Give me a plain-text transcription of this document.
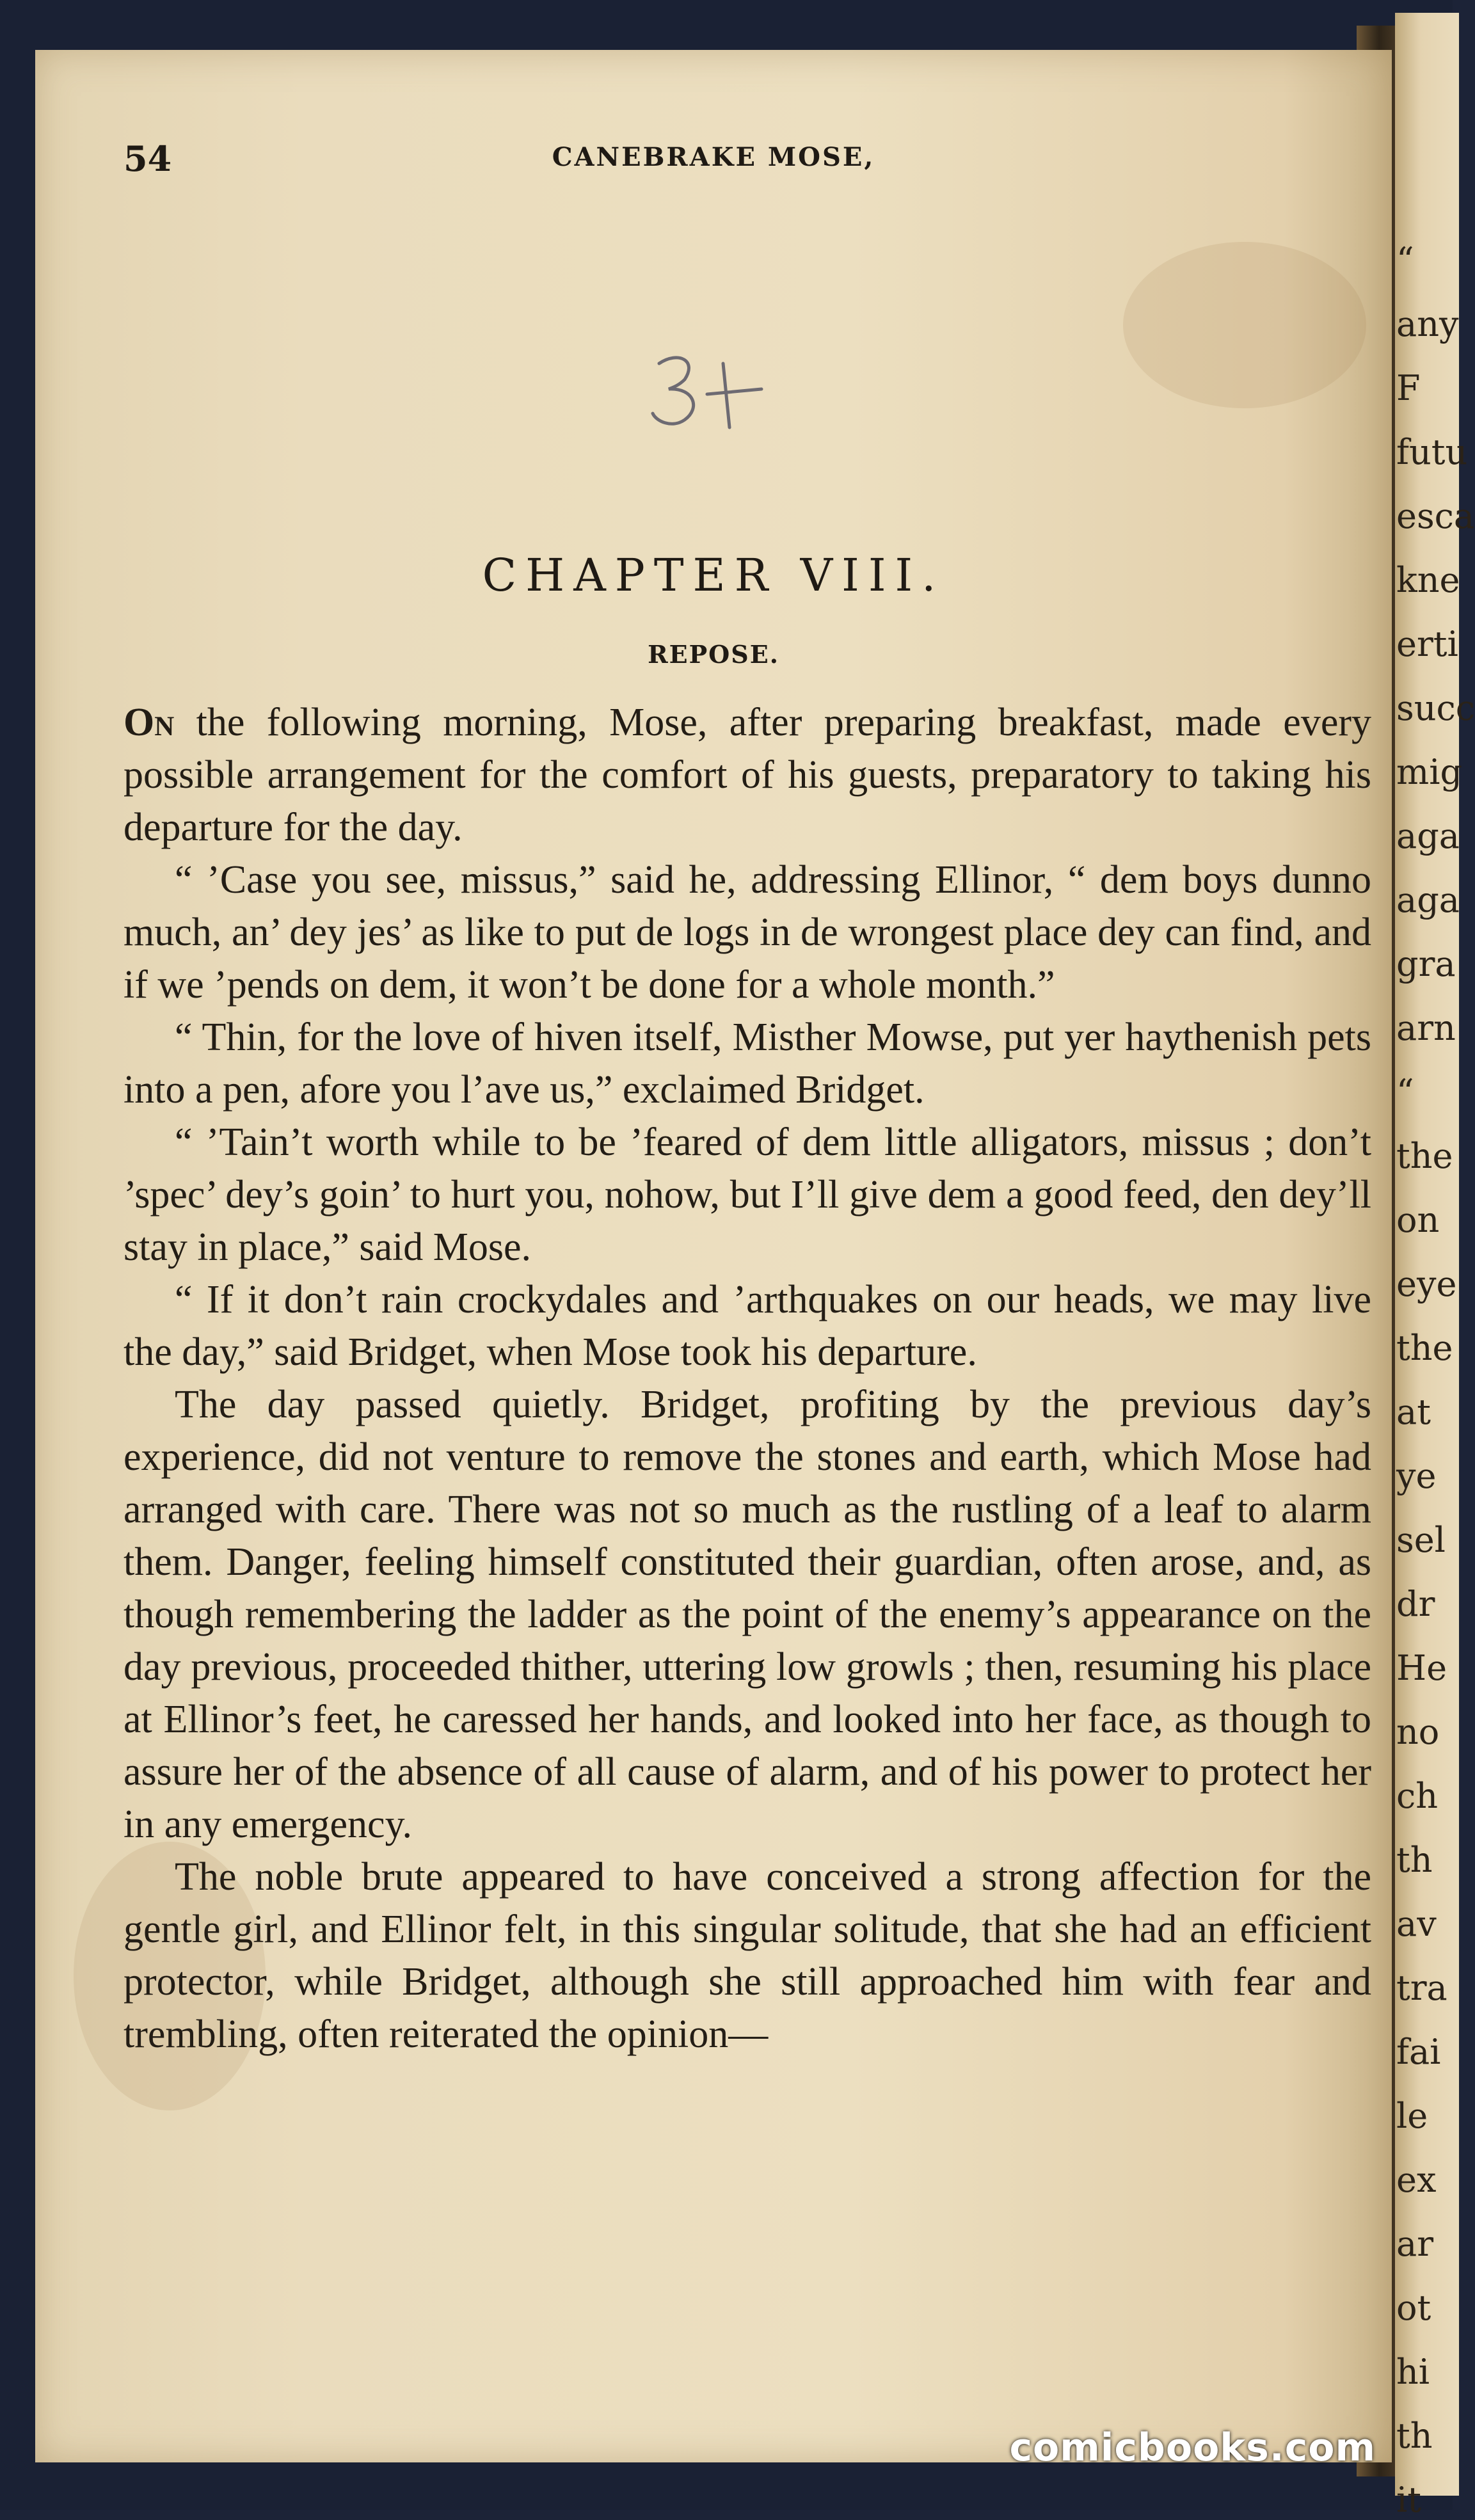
“
any
F
futu
esca
kne
erti
succ
mig
aga
aga
gra
arn
“
the
on
eye
the
at
ye
sel
dr
He
no
ch
th
av
tra
fai
le
ex
ar
ot
hi
th
it
54	CANEBRAKE MOSE,
CHAPTER VIII.
REPOSE.

On the following morning, Mose, after preparing breakfast, made every possible arrangement for the comfort of his guests, preparatory to taking his departure for the day.

“ ’Case you see, missus,” said he, addressing Ellinor, “ dem boys dunno much, an’ dey jes’ as like to put de logs in de wrongest place dey can find, and if we ’pends on dem, it won’t be done for a whole month.”

“ Thin, for the love of hiven itself, Misther Mowse, put yer haythenish pets into a pen, afore you l’ave us,” exclaimed Bridget.

“ ’Tain’t worth while to be ’feared of dem little alligators, missus ; don’t ’spec’ dey’s goin’ to hurt you, nohow, but I’ll give dem a good feed, den dey’ll stay in place,” said Mose.

“ If it don’t rain crockydales and ’arthquakes on our heads, we may live the day,” said Bridget, when Mose took his departure.

The day passed quietly. Bridget, profiting by the previous day’s experience, did not venture to remove the stones and earth, which Mose had arranged with care. There was not so much as the rustling of a leaf to alarm them. Danger, feeling himself constituted their guardian, often arose, and, as though remembering the ladder as the point of the enemy’s appearance on the day previous, proceeded thither, uttering low growls ; then, resuming his place at Ellinor’s feet, he caressed her hands, and looked into her face, as though to assure her of the absence of all cause of alarm, and of his power to protect her in any emergency.

The noble brute appeared to have conceived a strong affection for the gentle girl, and Ellinor felt, in this singular solitude, that she had an efficient protector, while Bridget, although she still approached him with fear and trembling, often reiterated the opinion—

comicbooks.com
